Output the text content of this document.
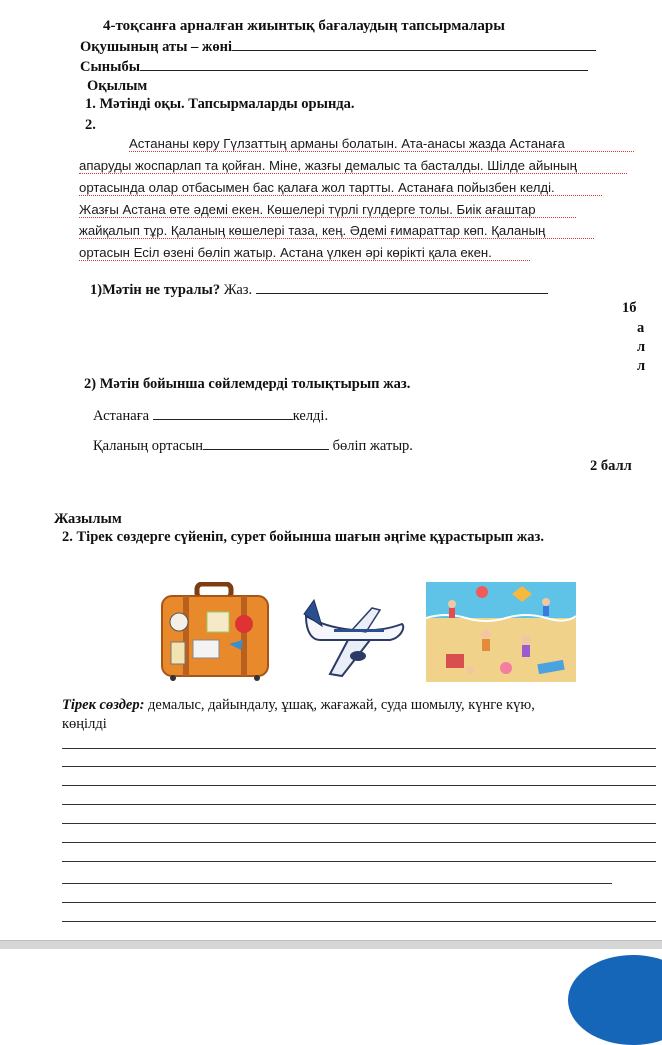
4-тоқсанға арналған жиынтық бағалаудың тапсырмалары
Оқушының аты – жөні
Сыныбы
Оқылым
1. Мәтінді оқы. Тапсырмаларды орында.
2.
Астананы көру Гүлзаттың арманы болатын. Ата-анасы жазда Астанаға
апаруды жоспарлап та қойған. Міне, жазғы демалыс та басталды. Шілде айының
ортасында олар отбасымен бас қалаға жол тартты. Астанаға пойызбен келді.
Жазғы Астана өте әдемі екен. Көшелері түрлі гүлдерге толы. Биік ағаштар
жайқалып тұр. Қаланың көшелері таза, кең. Әдемі ғимараттар көп. Қаланың
ортасын Есіл өзені бөліп жатыр. Астана үлкен әрі көрікті қала екен.
1)Мәтін не туралы? Жаз.
1б
а
л
л
2) Мәтін бойынша сөйлемдерді толықтырып жаз.
Астанаға	келді.
Қаланың ортасын	бөліп жатыр.
2 балл
Жазылым
2. Тірек сөздерге сүйеніп, сурет бойынша шағын әңгіме құрастырып жаз.
Тірек сөздер: демалыс, дайындалу, ұшақ, жағажай, суда шомылу, күнге күю,
көңілді
